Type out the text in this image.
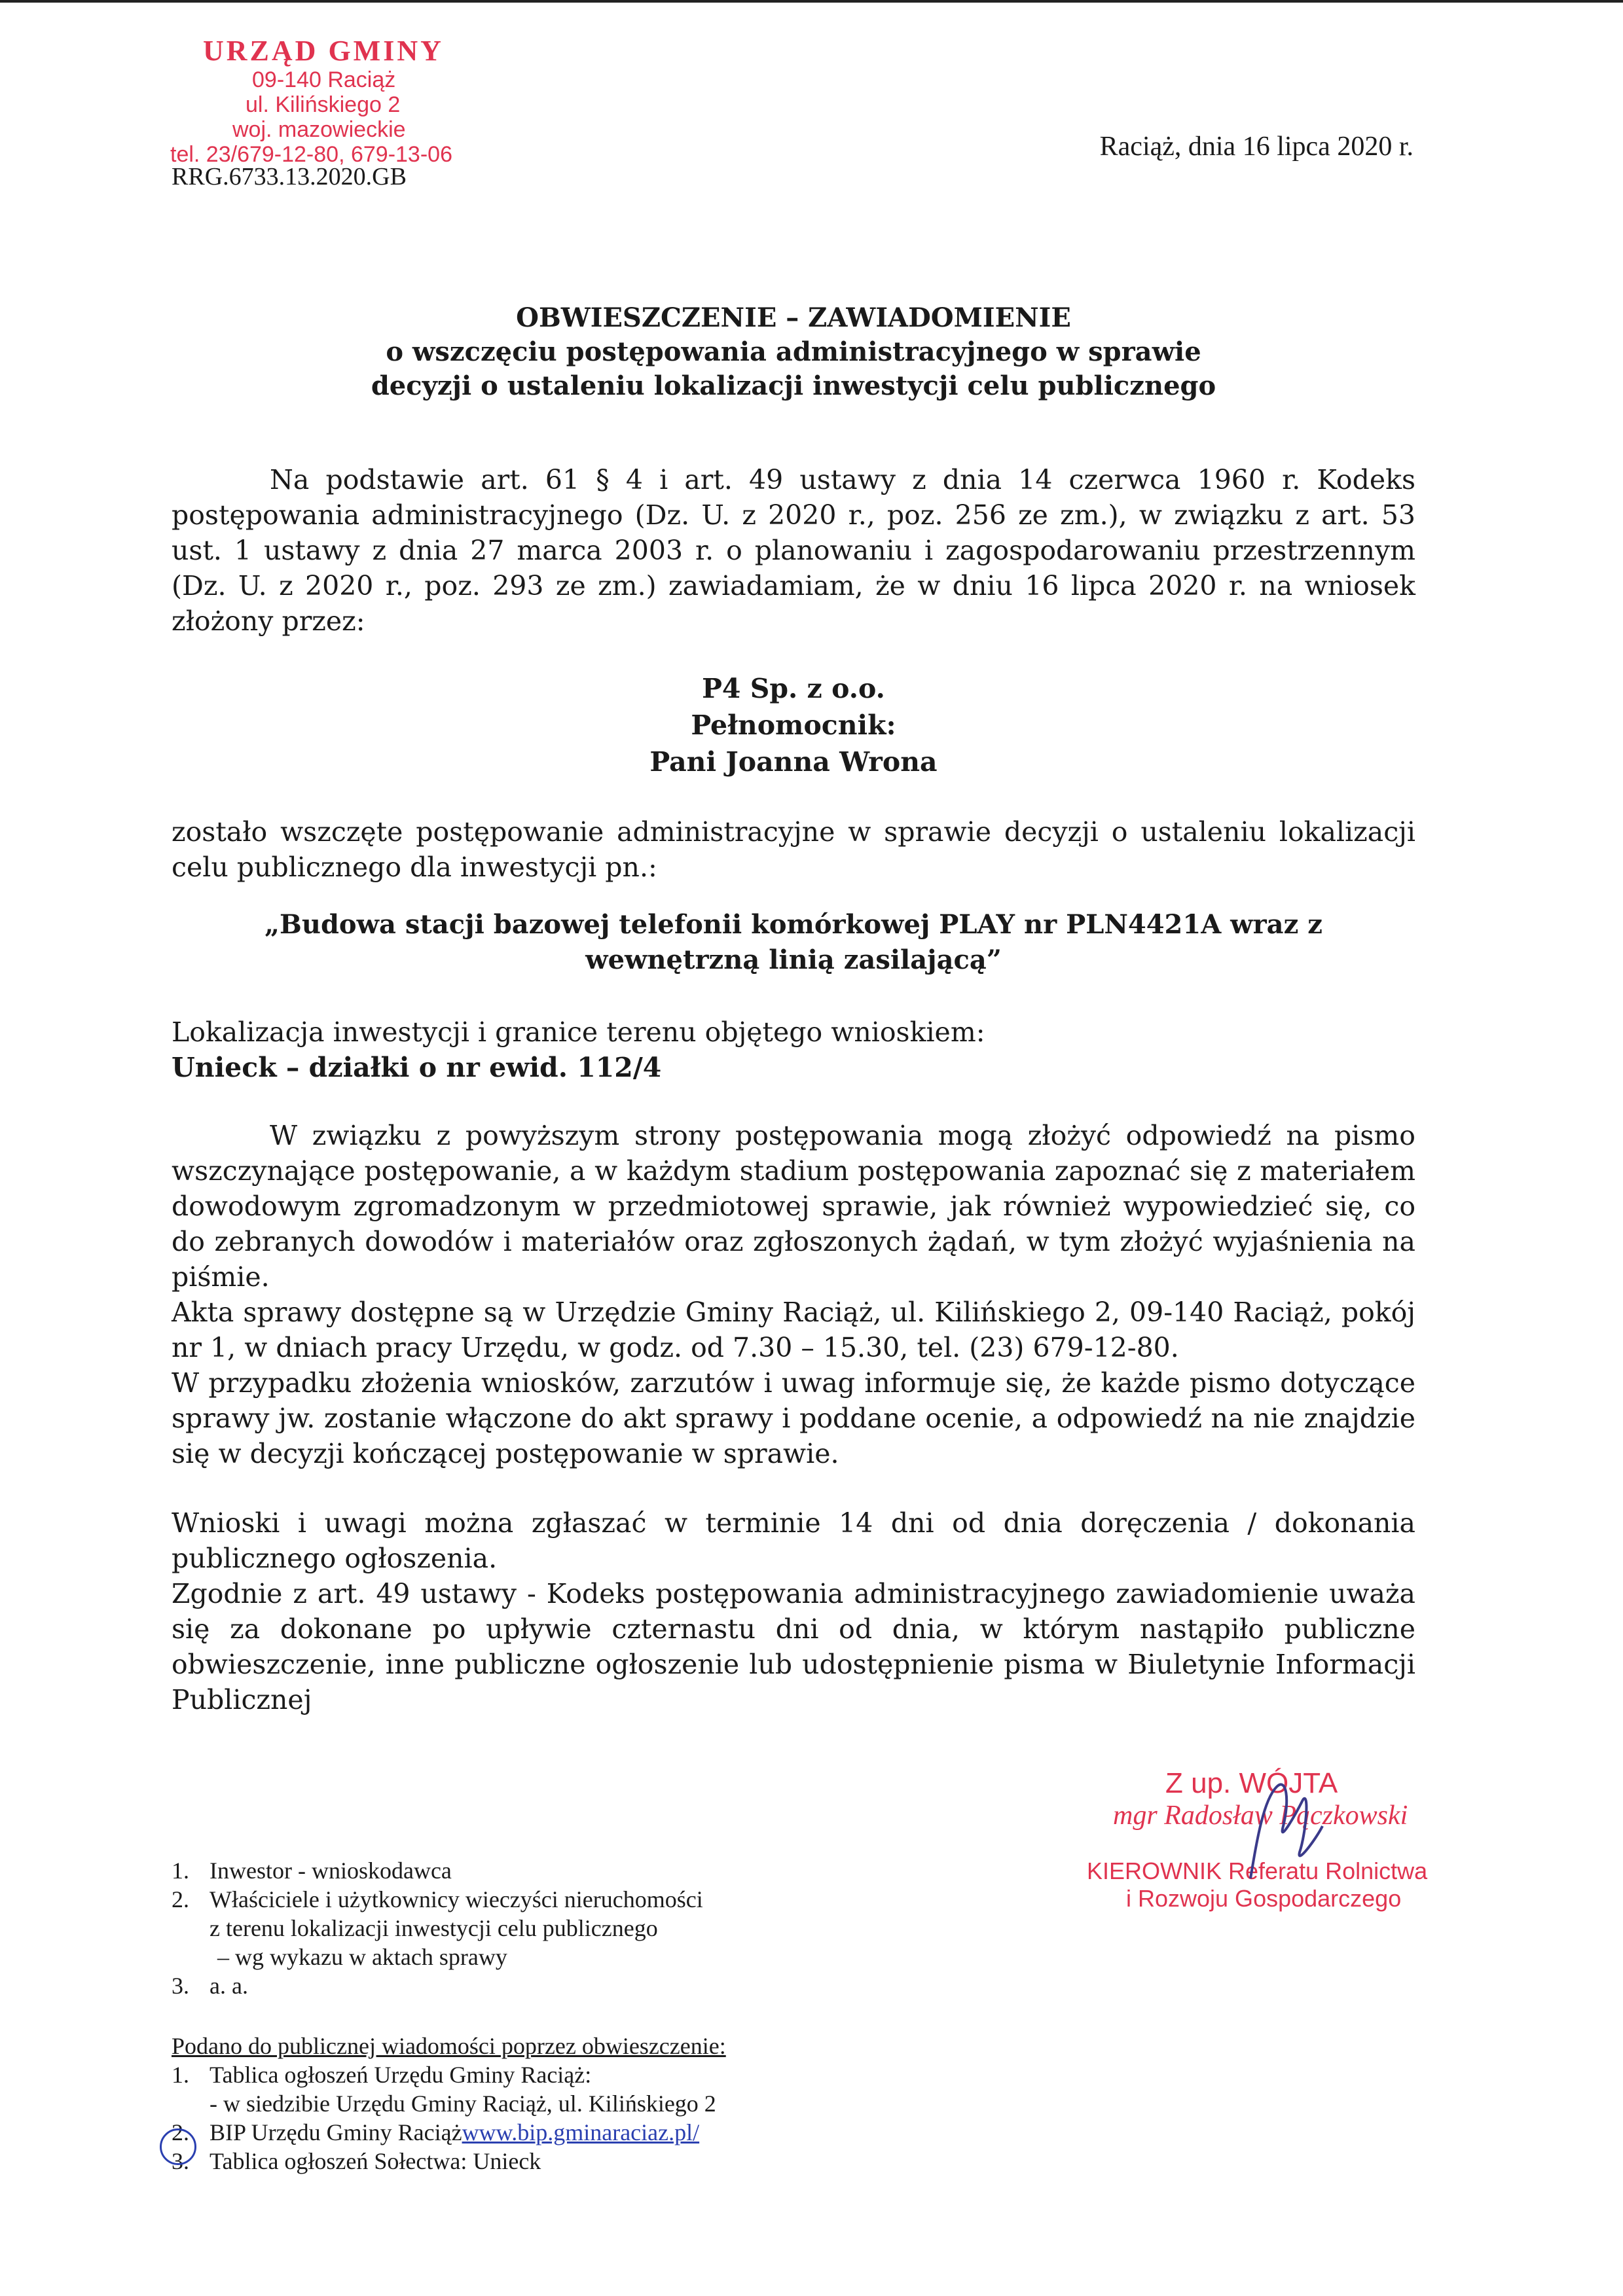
URZĄD GMINY
09-140 Raciąż
ul. Kilińskiego 2
woj. mazowieckie
tel. 23/679-12-80, 679-13-06
RRG.6733.13.2020.GB
Raciąż, dnia 16 lipca 2020 r.
OBWIESZCZENIE – ZAWIADOMIENIE
o wszczęciu postępowania administracyjnego w sprawie
decyzji o ustaleniu lokalizacji inwestycji celu publicznego
Na podstawie art. 61 § 4 i art. 49 ustawy z dnia 14 czerwca 1960 r. Kodeks postępowania administracyjnego (Dz. U. z 2020 r., poz. 256 ze zm.), w związku z art. 53 ust. 1 ustawy z dnia 27 marca 2003 r. o planowaniu i zagospodarowaniu przestrzennym (Dz. U. z 2020 r., poz. 293 ze zm.) zawiadamiam, że w dniu 16 lipca 2020 r. na wniosek złożony przez:
P4 Sp. z o.o.
Pełnomocnik:
Pani Joanna Wrona
zostało wszczęte postępowanie administracyjne w sprawie decyzji o ustaleniu lokalizacji celu publicznego dla inwestycji pn.:
„Budowa stacji bazowej telefonii komórkowej PLAY nr PLN4421A wraz z
wewnętrzną linią zasilającą”
Lokalizacja inwestycji i granice terenu objętego wnioskiem:
Unieck – działki o nr ewid. 112/4
W związku z powyższym strony postępowania mogą złożyć odpowiedź na pismo wszczynające postępowanie, a w każdym stadium postępowania zapoznać się z materiałem dowodowym zgromadzonym w przedmiotowej sprawie, jak również wypowiedzieć się, co do zebranych dowodów i materiałów oraz zgłoszonych żądań, w tym złożyć wyjaśnienia na piśmie.
Akta sprawy dostępne są w Urzędzie Gminy Raciąż, ul. Kilińskiego 2, 09-140 Raciąż, pokój nr 1, w dniach pracy Urzędu, w godz. od 7.30 – 15.30, tel. (23) 679-12-80.
W przypadku złożenia wniosków, zarzutów i uwag informuje się, że każde pismo dotyczące sprawy jw. zostanie włączone do akt sprawy i poddane ocenie, a odpowiedź na nie znajdzie się w decyzji kończącej postępowanie w sprawie.
Wnioski i uwagi można zgłaszać w terminie 14 dni od dnia doręczenia / dokonania publicznego ogłoszenia.
Zgodnie z art. 49 ustawy - Kodeks postępowania administracyjnego zawiadomienie uważa się za dokonane po upływie czternastu dni od dnia, w którym nastąpiło publiczne obwieszczenie, inne publiczne ogłoszenie lub udostępnienie pisma w Biuletynie Informacji Publicznej
Z up. WÓJTA
mgr Radosław Pączkowski
KIEROWNIK Referatu Rolnictwa
i Rozwoju Gospodarczego
1. Inwestor - wnioskodawca
2. Właściciele i użytkownicy wieczyści nieruchomości
z terenu lokalizacji inwestycji celu publicznego
– wg wykazu w aktach sprawy
3. a. a.
Podano do publicznej wiadomości poprzez obwieszczenie:
1. Tablica ogłoszeń Urzędu Gminy Raciąż:
- w siedzibie Urzędu Gminy Raciąż, ul. Kilińskiego 2
2. BIP Urzędu Gminy Raciąż www.bip.gminaraciaz.pl/
3. Tablica ogłoszeń Sołectwa: Unieck
